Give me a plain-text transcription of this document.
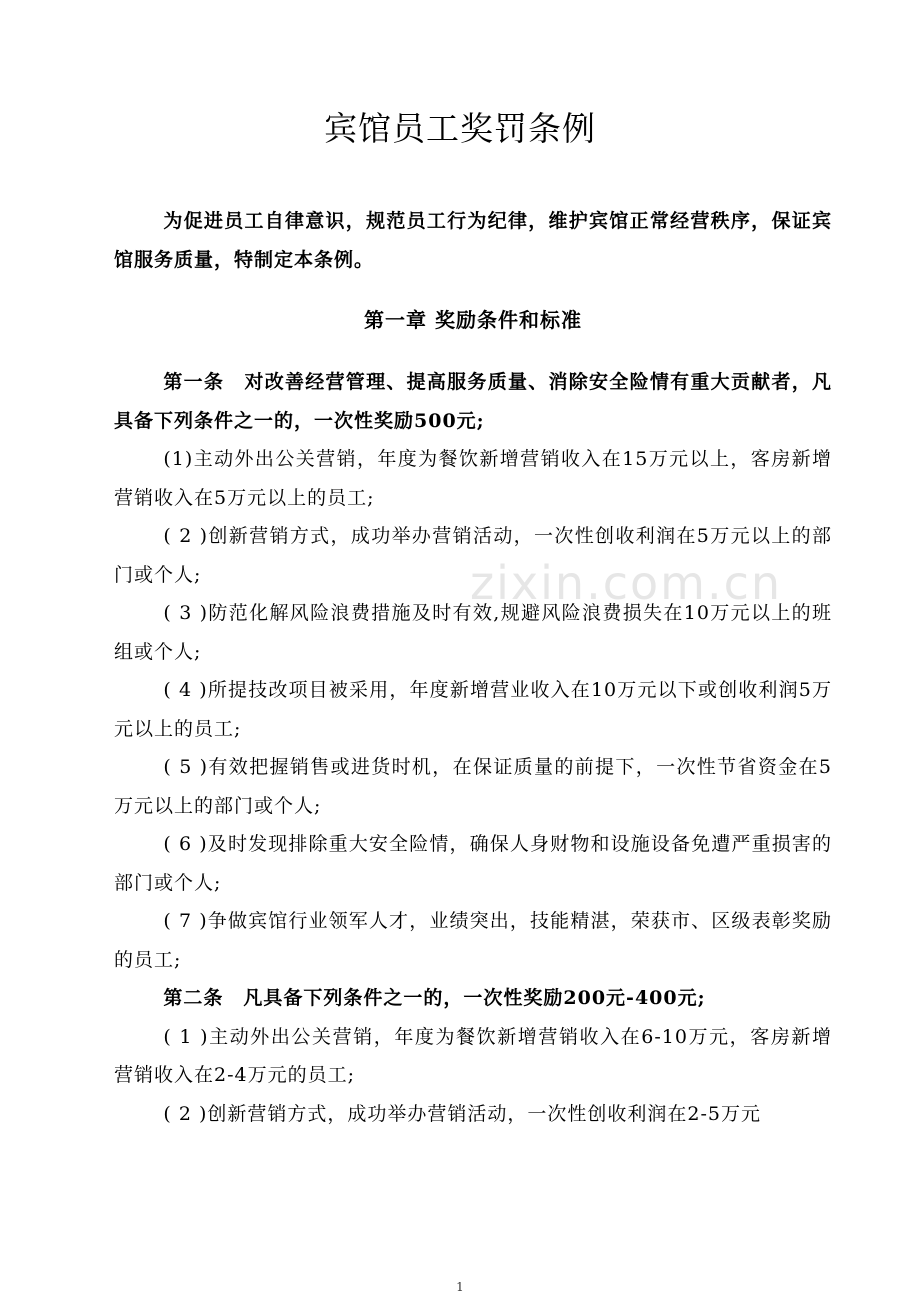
宾馆员工奖罚条例

为促进员工自律意识，规范员工行为纪律，维护宾馆正常经营秩序，保证宾馆服务质量，特制定本条例。

第一章 奖励条件和标准

第一条　对改善经营管理、提高服务质量、消除安全险情有重大贡献者，凡具备下列条件之一的，一次性奖励500元;

(1)主动外出公关营销，年度为餐饮新增营销收入在15万元以上，客房新增营销收入在5万元以上的员工;

( 2 )创新营销方式，成功举办营销活动，一次性创收利润在5万元以上的部门或个人;

( 3 )防范化解风险浪费措施及时有效,规避风险浪费损失在10万元以上的班组或个人;

( 4 )所提技改项目被采用，年度新增营业收入在10万元以下或创收利润5万元以上的员工;

( 5 )有效把握销售或进货时机，在保证质量的前提下，一次性节省资金在5万元以上的部门或个人;

( 6 )及时发现排除重大安全险情，确保人身财物和设施设备免遭严重损害的部门或个人;

( 7 )争做宾馆行业领军人才，业绩突出，技能精湛，荣获市、区级表彰奖励的员工;

第二条　凡具备下列条件之一的，一次性奖励200元-400元;

( 1 )主动外出公关营销，年度为餐饮新增营销收入在6-10万元，客房新增营销收入在2-4万元的员工;

( 2 )创新营销方式，成功举办营销活动，一次性创收利润在2-5万元

zixin.com.cn
1
